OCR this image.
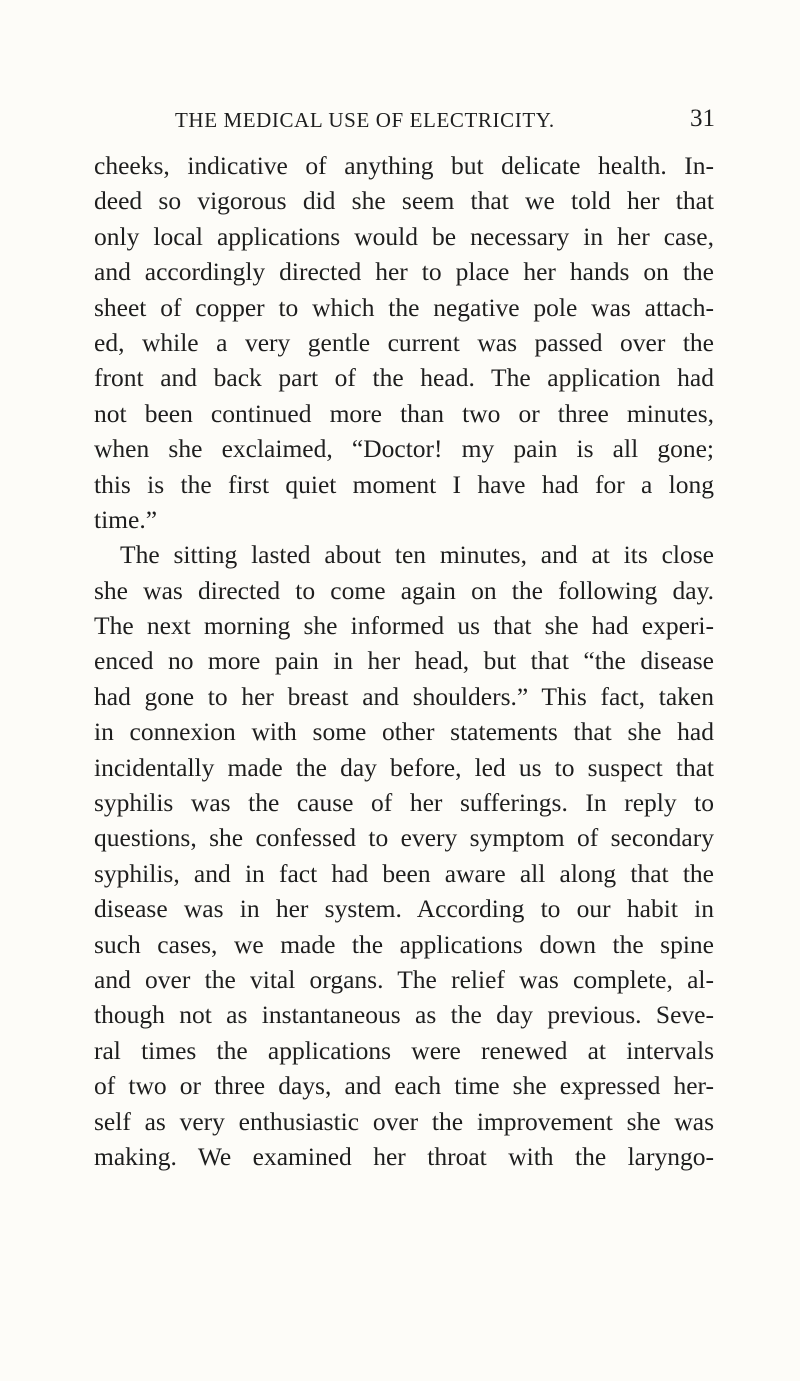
THE MEDICAL USE OF ELECTRICITY.	31
cheeks, indicative of anything but delicate health. In-
deed so vigorous did she seem that we told her that
only local applications would be necessary in her case,
and accordingly directed her to place her hands on the
sheet of copper to which the negative pole was attach-
ed, while a very gentle current was passed over the
front and back part of the head. The application had
not been continued more than two or three minutes,
when she exclaimed, “Doctor! my pain is all gone;
this is the first quiet moment I have had for a long
time.”
The sitting lasted about ten minutes, and at its close
she was directed to come again on the following day.
The next morning she informed us that she had experi-
enced no more pain in her head, but that “the disease
had gone to her breast and shoulders.” This fact, taken
in connexion with some other statements that she had
incidentally made the day before, led us to suspect that
syphilis was the cause of her sufferings. In reply to
questions, she confessed to every symptom of secondary
syphilis, and in fact had been aware all along that the
disease was in her system. According to our habit in
such cases, we made the applications down the spine
and over the vital organs. The relief was complete, al-
though not as instantaneous as the day previous. Seve-
ral times the applications were renewed at intervals
of two or three days, and each time she expressed her-
self as very enthusiastic over the improvement she was
making. We examined her throat with the laryngo-
